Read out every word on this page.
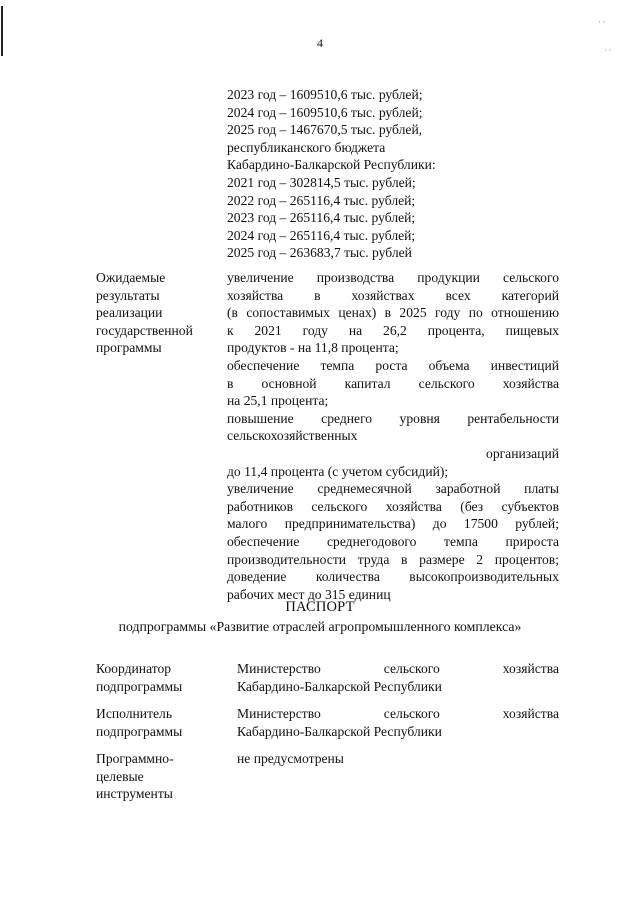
· ·
· ·
4
2023 год – 1609510,6 тыс. рублей;
2024 год – 1609510,6 тыс. рублей;
2025 год – 1467670,5 тыс. рублей,
республиканского бюджета
Кабардино-Балкарской Республики:
2021 год – 302814,5 тыс. рублей;
2022 год – 265116,4 тыс. рублей;
2023 год – 265116,4 тыс. рублей;
2024 год – 265116,4 тыс. рублей;
2025 год – 263683,7 тыс. рублей
Ожидаемые
результаты
реализации
государственной
программы
увеличение производства продукции сельского
хозяйства в хозяйствах всех категорий
(в сопоставимых ценах) в 2025 году по отношению
к 2021 году на 26,2 процента, пищевых
продуктов - на 11,8 процента;
обеспечение темпа роста объема инвестиций
в основной капитал сельского хозяйства
на 25,1 процента;
повышение среднего уровня рентабельности
сельскохозяйственных
организаций
до 11,4 процента (с учетом субсидий);
увеличение среднемесячной заработной платы
работников сельского хозяйства (без субъектов
малого предпринимательства) до 17500 рублей;
обеспечение среднегодового темпа прироста
производительности труда в размере 2 процентов;
доведение количества высокопроизводительных
рабочих мест до 315 единиц
ПАСПОРТ
подпрограммы «Развитие отраслей агропромышленного комплекса»
Координатор
подпрограммы
Министерство сельского хозяйства
Кабардино-Балкарской Республики
Исполнитель
подпрограммы
Министерство сельского хозяйства
Кабардино-Балкарской Республики
Программно-
целевые
инструменты
не предусмотрены
